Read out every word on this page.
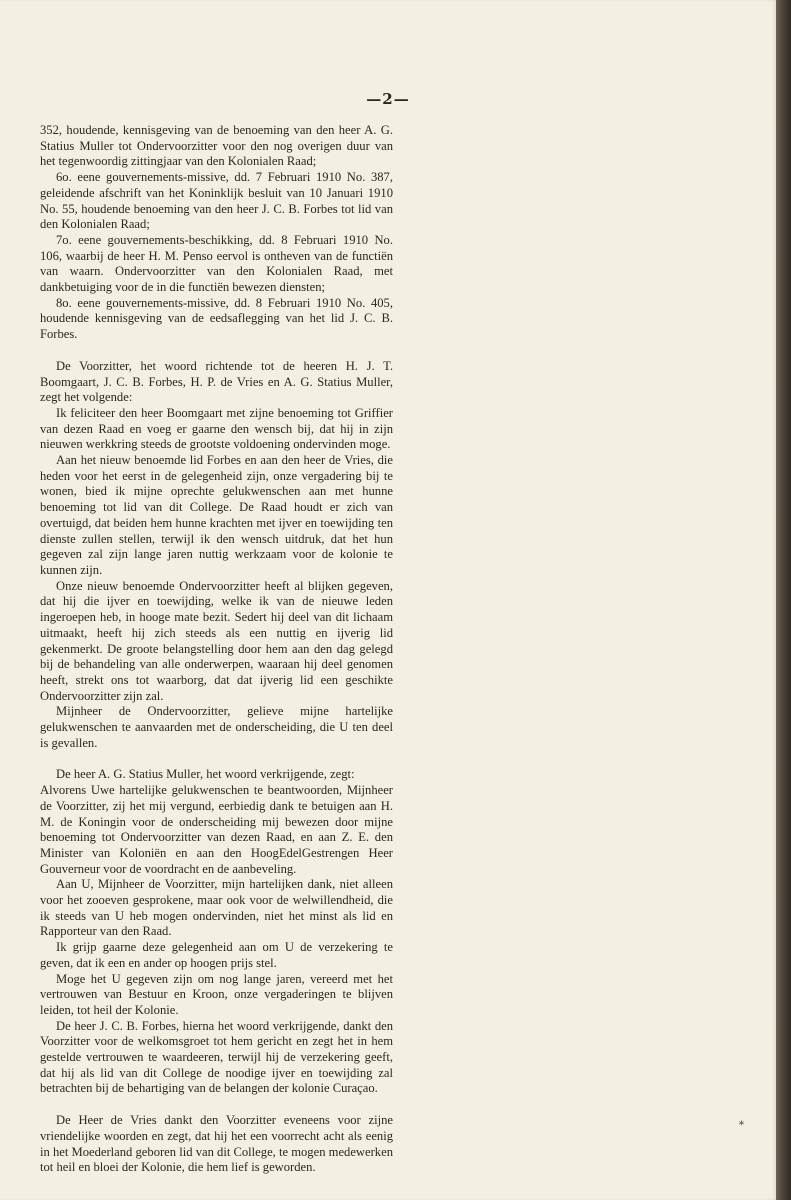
—2—

352, houdende, kennisgeving van de benoeming van den heer A. G. Statius Muller tot Ondervoorzitter voor den nog overigen duur van het tegenwoordig zittingjaar van den Kolonialen Raad;

6o. eene gouvernements-missive, dd. 7 Februari 1910 No. 387, geleidende afschrift van het Koninklijk besluit van 10 Januari 1910 No. 55, houdende benoeming van den heer J. C. B. Forbes tot lid van den Kolonialen Raad;

7o. eene gouvernements-beschikking, dd. 8 Februari 1910 No. 106, waarbij de heer H. M. Penso eervol is ontheven van de functiën van waarn. Ondervoorzitter van den Kolonialen Raad, met dankbetuiging voor de in die functiën bewezen diensten;

8o. eene gouvernements-missive, dd. 8 Februari 1910 No. 405, houdende kennisgeving van de eedsaflegging van het lid J. C. B. Forbes.

De Voorzitter, het woord richtende tot de heeren H. J. T. Boomgaart, J. C. B. Forbes, H. P. de Vries en A. G. Statius Muller, zegt het volgende:

Ik feliciteer den heer Boomgaart met zijne benoeming tot Griffier van dezen Raad en voeg er gaarne den wensch bij, dat hij in zijn nieuwen werkkring steeds de grootste voldoening ondervinden moge.

Aan het nieuw benoemde lid Forbes en aan den heer de Vries, die heden voor het eerst in de gelegenheid zijn, onze vergadering bij te wonen, bied ik mijne oprechte gelukwenschen aan met hunne benoeming tot lid van dit College. De Raad houdt er zich van overtuigd, dat beiden hem hunne krachten met ijver en toewijding ten dienste zullen stellen, terwijl ik den wensch uitdruk, dat het hun gegeven zal zijn lange jaren nuttig werkzaam voor de kolonie te kunnen zijn.

Onze nieuw benoemde Ondervoorzitter heeft al blijken gegeven, dat hij die ijver en toewijding, welke ik van de nieuwe leden ingeroepen heb, in hooge mate bezit. Sedert hij deel van dit lichaam uitmaakt, heeft hij zich steeds als een nuttig en ijverig lid gekenmerkt. De groote belangstelling door hem aan den dag gelegd bij de behandeling van alle onderwerpen, waaraan hij deel genomen heeft, strekt ons tot waarborg, dat dat ijverig lid een geschikte Ondervoorzitter zijn zal.

Mijnheer de Ondervoorzitter, gelieve mijne hartelijke gelukwenschen te aanvaarden met de onderscheiding, die U ten deel is gevallen.

De heer A. G. Statius Muller, het woord verkrijgende, zegt:

Alvorens Uwe hartelijke gelukwenschen te beantwoorden, Mijnheer de Voorzitter, zij het mij vergund, eerbiedig dank te betuigen aan H. M. de Koningin voor de onderscheiding mij bewezen door mijne benoeming tot Ondervoorzitter van dezen Raad, en aan Z. E. den Minister van Koloniën en aan den HoogEdelGestrengen Heer Gouverneur voor de voordracht en de aanbeveling.

Aan U, Mijnheer de Voorzitter, mijn hartelijken dank, niet alleen voor het zooeven gesprokene, maar ook voor de welwillendheid, die ik steeds van U heb mogen ondervinden, niet het minst als lid en Rapporteur van den Raad.

Ik grijp gaarne deze gelegenheid aan om U de verzekering te geven, dat ik een en ander op hoogen prijs stel.

Moge het U gegeven zijn om nog lange jaren, vereerd met het vertrouwen van Bestuur en Kroon, onze vergaderingen te blijven leiden, tot heil der Kolonie.

De heer J. C. B. Forbes, hierna het woord verkrijgende, dankt den Voorzitter voor de welkomsgroet tot hem gericht en zegt het in hem gestelde vertrouwen te waardeeren, terwijl hij de verzekering geeft, dat hij als lid van dit College de noodige ijver en toewijding zal betrachten bij de behartiging van de belangen der kolonie Curaçao.

De Heer de Vries dankt den Voorzitter eveneens voor zijne vriendelijke woorden en zegt, dat hij het een voorrecht acht als eenig in het Moederland geboren lid van dit College, te mogen medewerken tot heil en bloei der Kolonie, die hem lief is geworden.

*
